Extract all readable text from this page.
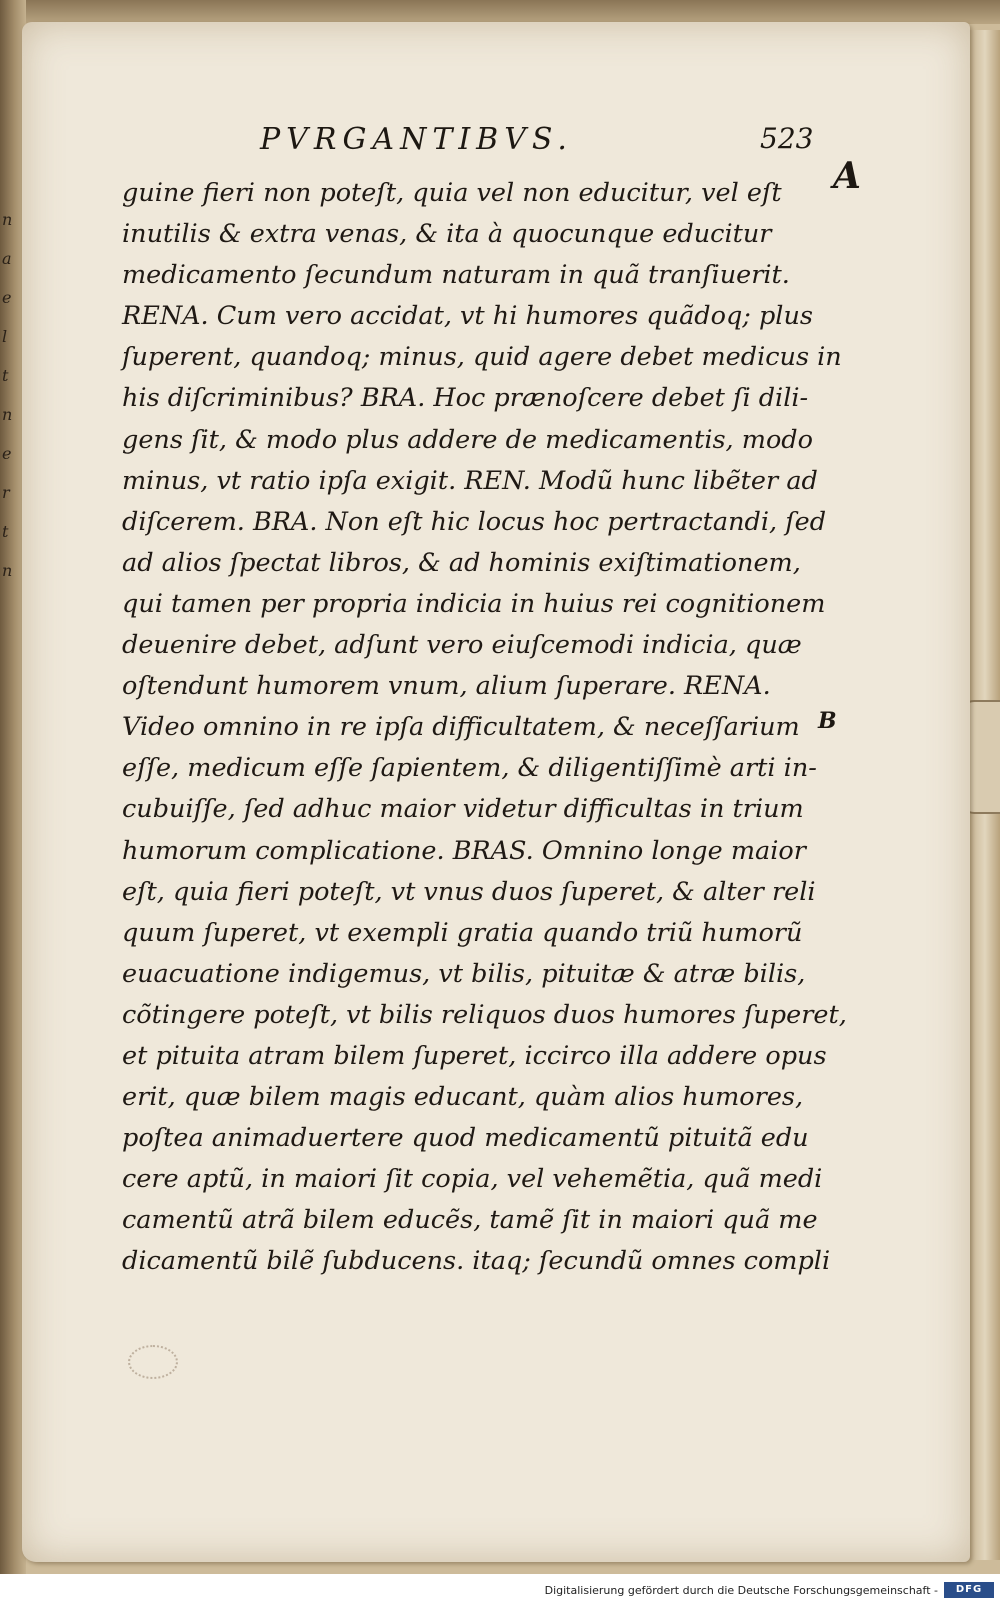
n
a
e
l
t
n
e
r
t
n
PVRGANTIBVS.	523
A
B
guine fieri non poteſt, quia vel non educitur, vel eſt
inutilis & extra venas, & ita à quocunque educitur
medicamento ſecundum naturam in quã tranſiuerit.
RENA. Cum vero accidat, vt hi humores quãdoq; plus
ſuperent, quandoq; minus, quid agere debet medicus in
his diſcriminibus? BRA. Hoc prænoſcere debet ſi dili-
gens ſit, & modo plus addere de medicamentis, modo
minus, vt ratio ipſa exigit. REN. Modũ hunc libẽter ad
diſcerem. BRA. Non eſt hic locus hoc pertractandi, ſed
ad alios ſpectat libros, & ad hominis exiſtimationem,
qui tamen per propria indicia in huius rei cognitionem
deuenire debet, adſunt vero eiuſcemodi indicia, quæ
oſtendunt humorem vnum, alium ſuperare. RENA.
Video omnino in re ipſa difficultatem, & neceſſarium
eſſe, medicum eſſe ſapientem, & diligentiſſimè arti in-
cubuiſſe, ſed adhuc maior videtur difficultas in trium
humorum complicatione. BRAS. Omnino longe maior
eſt, quia fieri poteſt, vt vnus duos ſuperet, & alter reli
quum ſuperet, vt exempli gratia quando triũ humorũ
euacuatione indigemus, vt bilis, pituitæ & atræ bilis,
cõtingere poteſt, vt bilis reliquos duos humores ſuperet,
et pituita atram bilem ſuperet, iccirco illa addere opus
erit, quæ bilem magis educant, quàm alios humores,
poſtea animaduertere quod medicamentũ pituitã edu
cere aptũ, in maiori ſit copia, vel vehemẽtia, quã medi
camentũ atrã bilem educẽs, tamẽ ſit in maiori quã me
dicamentũ bilẽ ſubducens. itaq; ſecundũ omnes compli
Digitalisierung gefördert durch die Deutsche Forschungsgemeinschaft -	DFG
